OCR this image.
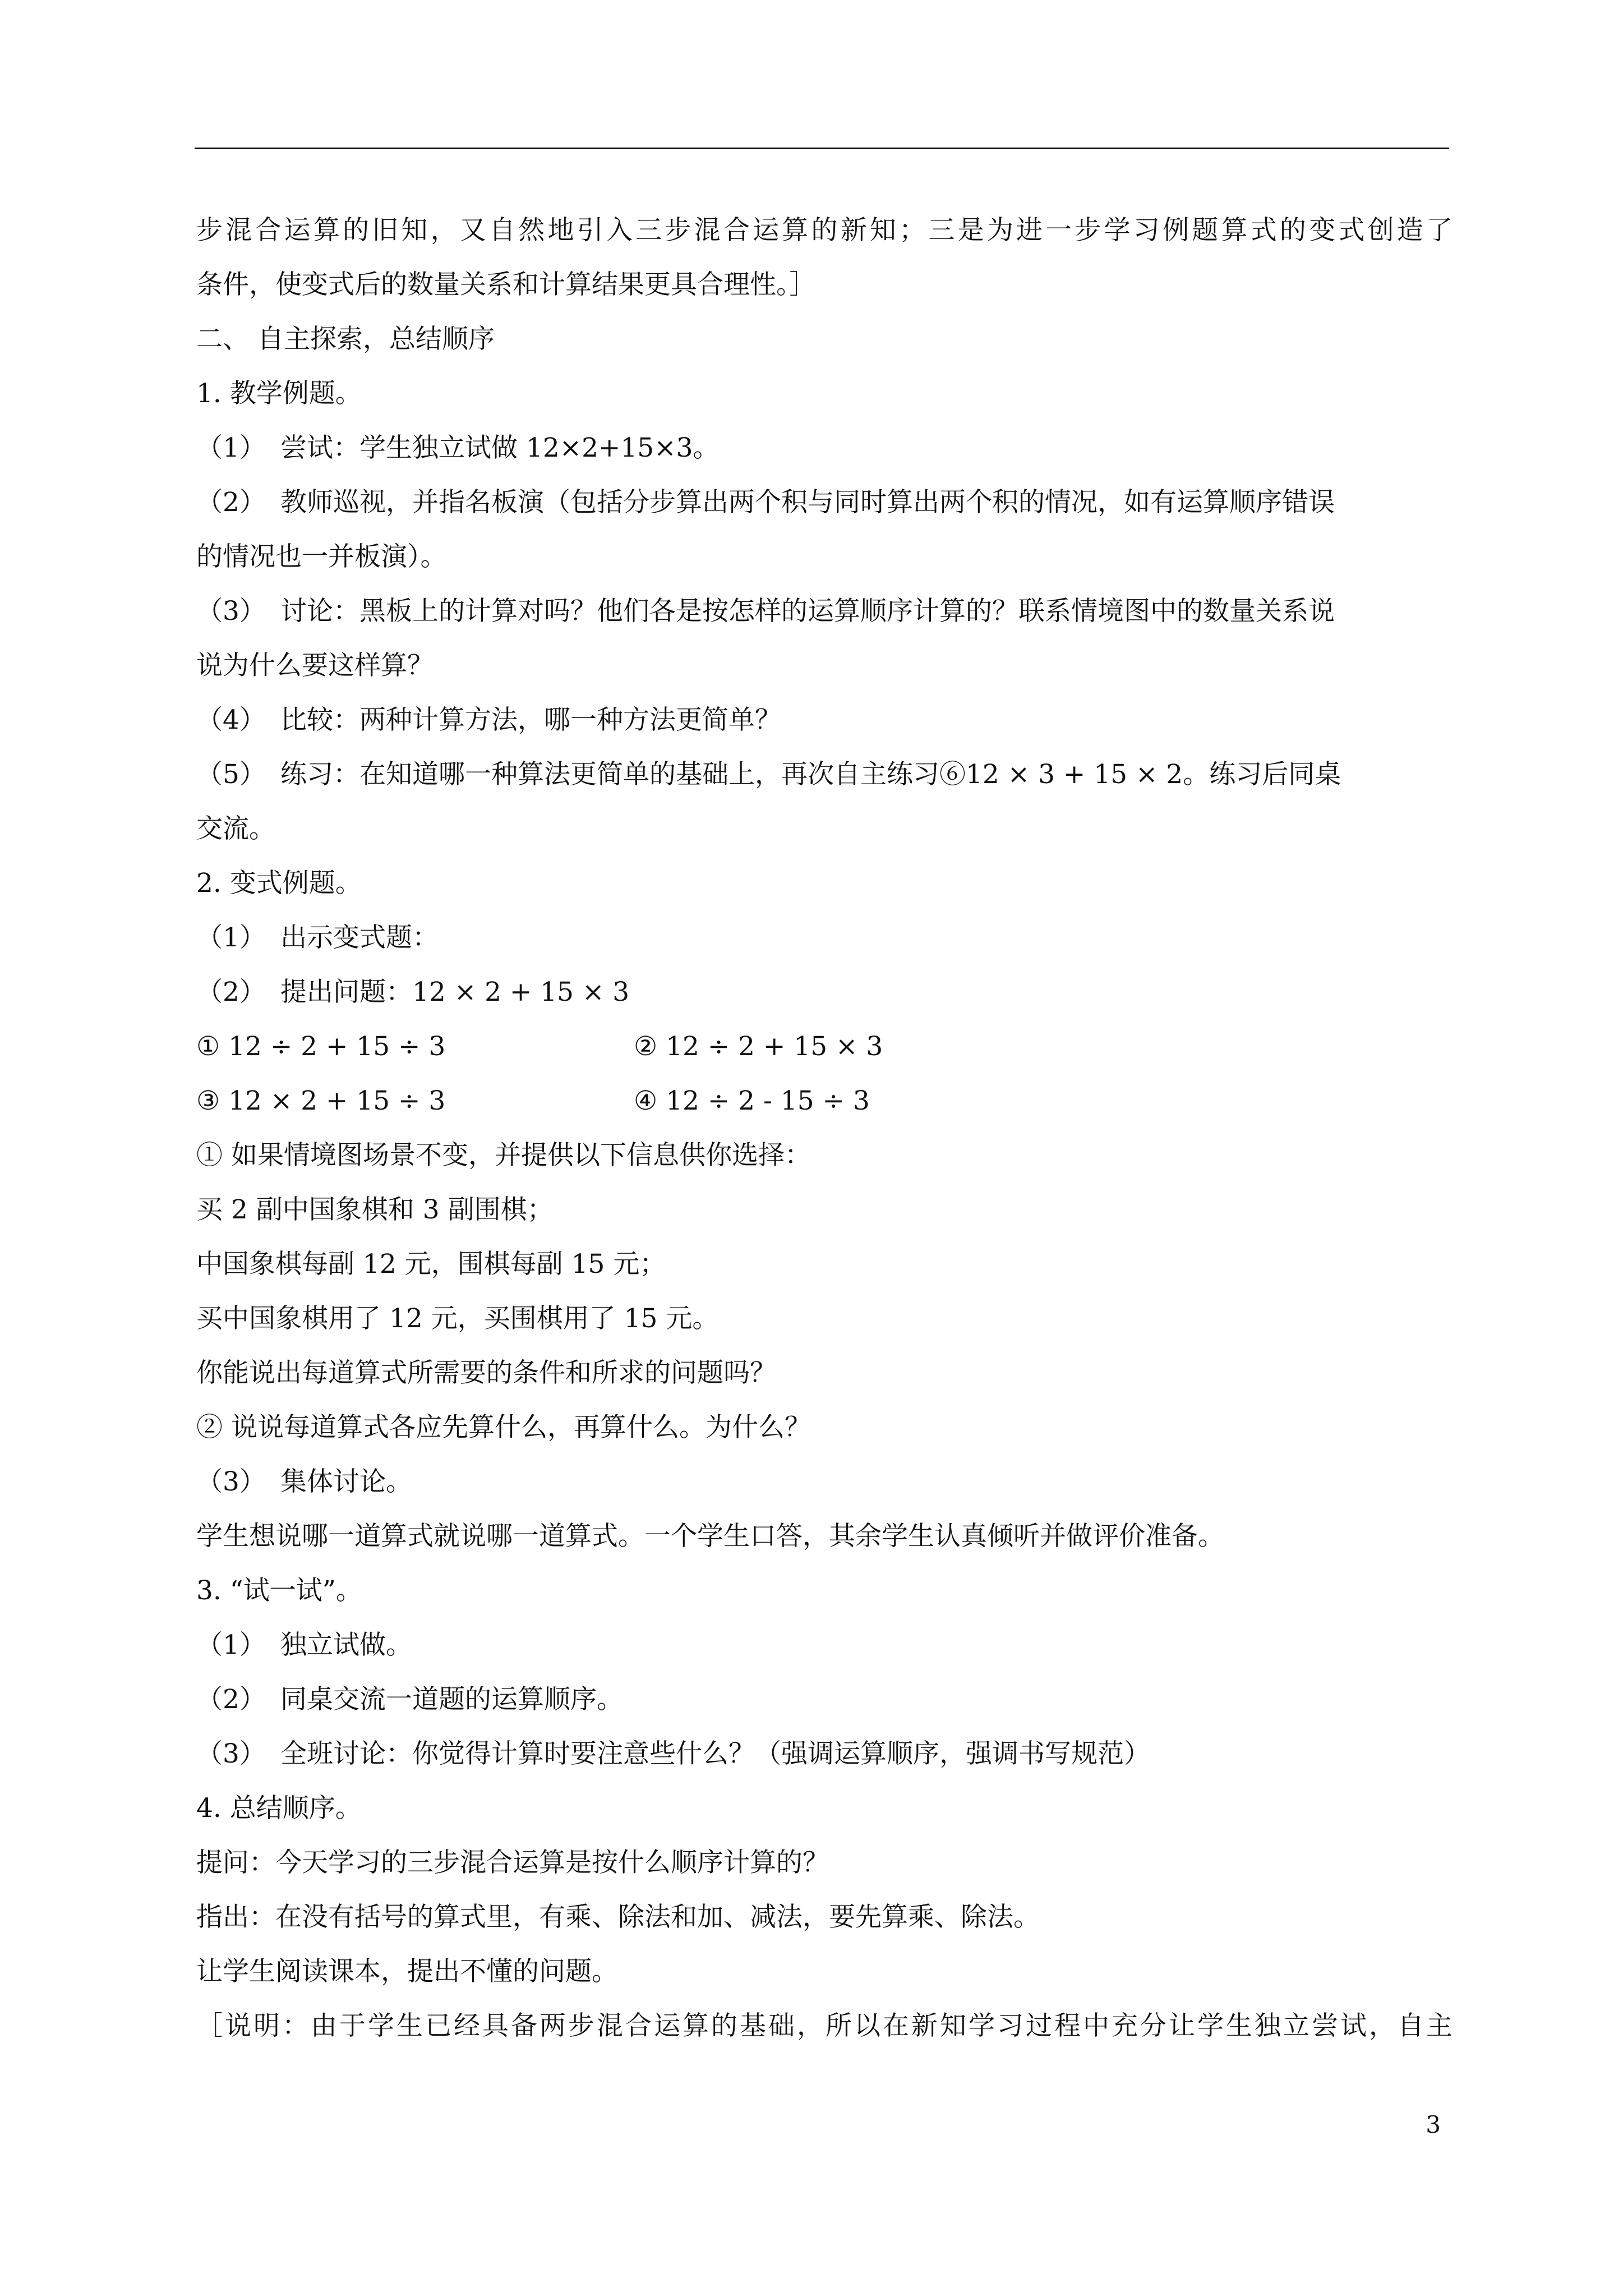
步混合运算的旧知，又自然地引入三步混合运算的新知；三是为进一步学习例题算式的变式创造了
条件，使变式后的数量关系和计算结果更具合理性。］
二、 自主探索，总结顺序
1. 教学例题。
（1） 尝试：学生独立试做 12×2+15×3。
（2） 教师巡视，并指名板演（包括分步算出两个积与同时算出两个积的情况，如有运算顺序错误
的情况也一并板演）。
（3） 讨论：黑板上的计算对吗？他们各是按怎样的运算顺序计算的？联系情境图中的数量关系说
说为什么要这样算？
（4） 比较：两种计算方法，哪一种方法更简单？
（5） 练习：在知道哪一种算法更简单的基础上，再次自主练习⑥12 × 3 + 15 × 2。练习后同桌
交流。
2. 变式例题。
（1） 出示变式题：
（2） 提出问题：12 × 2 + 15 × 3
① 12 ÷ 2 + 15 ÷ 3	② 12 ÷ 2 + 15 × 3
③ 12 × 2 + 15 ÷ 3	④ 12 ÷ 2 - 15 ÷ 3
① 如果情境图场景不变，并提供以下信息供你选择：
买 2 副中国象棋和 3 副围棋；
中国象棋每副 12 元，围棋每副 15 元；
买中国象棋用了 12 元，买围棋用了 15 元。
你能说出每道算式所需要的条件和所求的问题吗？
② 说说每道算式各应先算什么，再算什么。为什么？
（3） 集体讨论。
学生想说哪一道算式就说哪一道算式。一个学生口答，其余学生认真倾听并做评价准备。
3. “试一试”。
（1） 独立试做。
（2） 同桌交流一道题的运算顺序。
（3） 全班讨论：你觉得计算时要注意些什么？（强调运算顺序，强调书写规范）
4. 总结顺序。
提问：今天学习的三步混合运算是按什么顺序计算的？
指出：在没有括号的算式里，有乘、除法和加、减法，要先算乘、除法。
让学生阅读课本，提出不懂的问题。
［说明：由于学生已经具备两步混合运算的基础，所以在新知学习过程中充分让学生独立尝试，自主
3
